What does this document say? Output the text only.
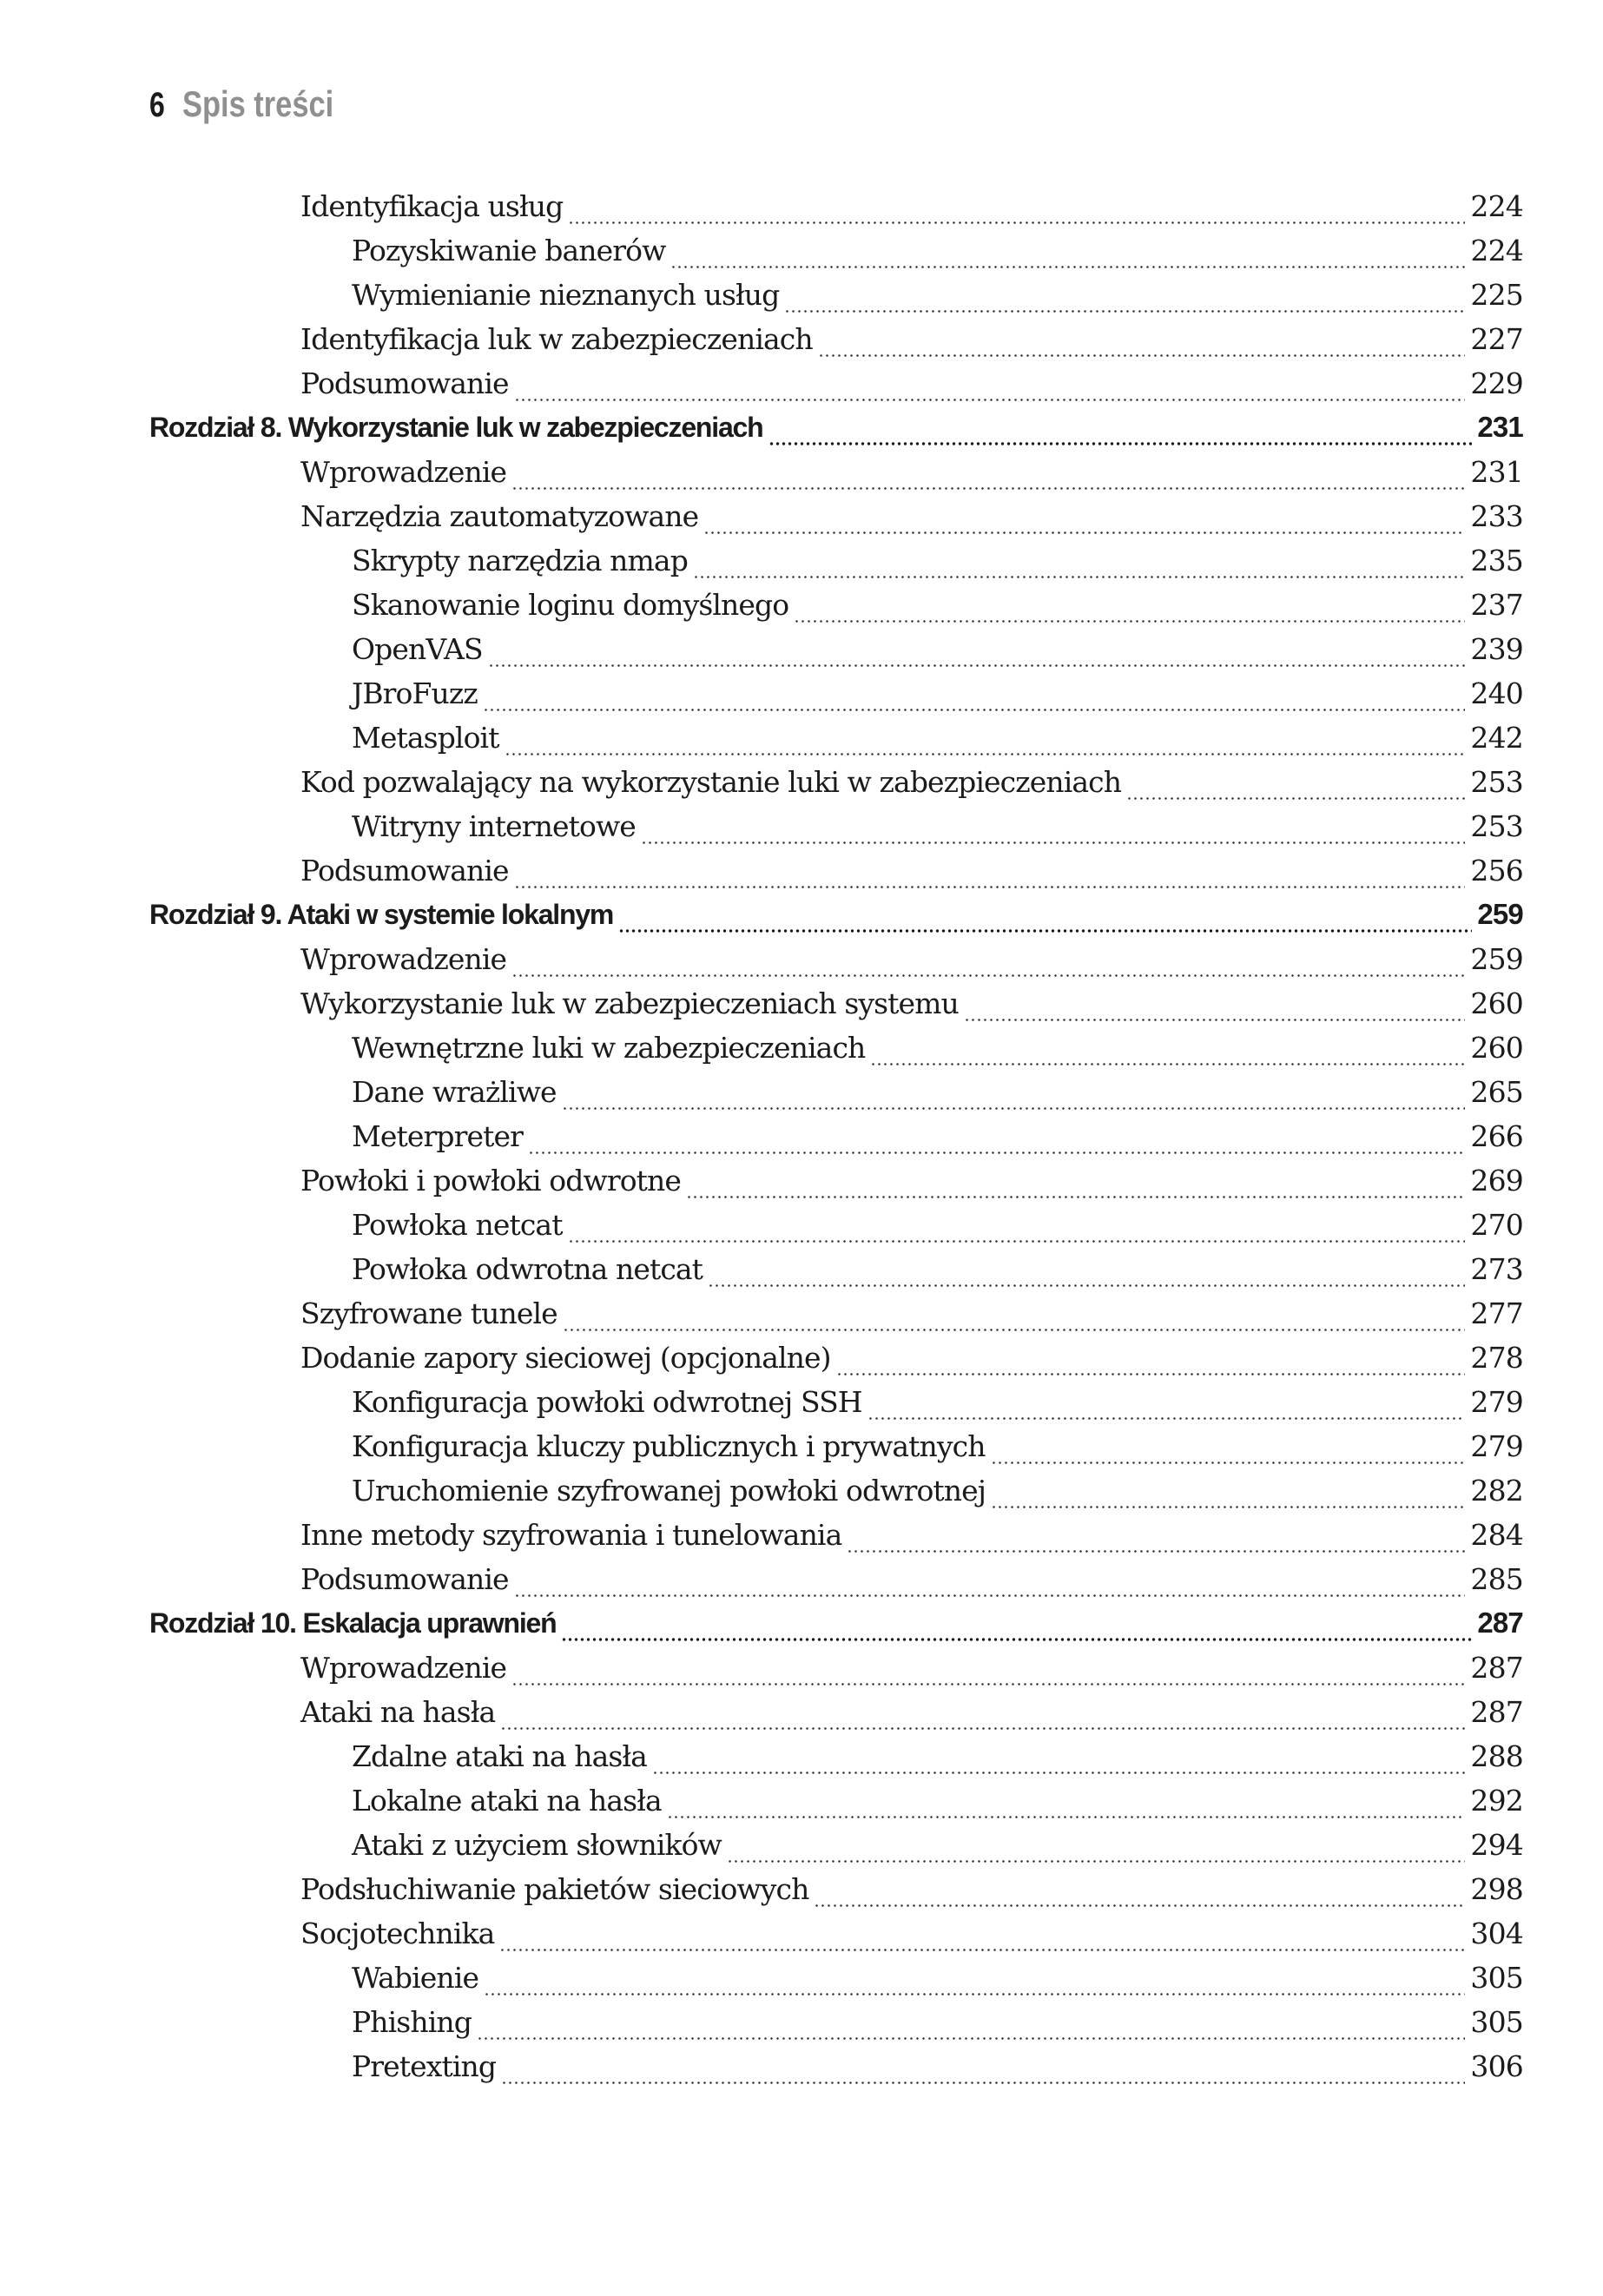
6 Spis treści
Identyfikacja usług	224
Pozyskiwanie banerów	224
Wymienianie nieznanych usług	225
Identyfikacja luk w zabezpieczeniach	227
Podsumowanie	229
Rozdział 8. Wykorzystanie luk w zabezpieczeniach	231
Wprowadzenie	231
Narzędzia zautomatyzowane	233
Skrypty narzędzia nmap	235
Skanowanie loginu domyślnego	237
OpenVAS	239
JBroFuzz	240
Metasploit	242
Kod pozwalający na wykorzystanie luki w zabezpieczeniach	253
Witryny internetowe	253
Podsumowanie	256
Rozdział 9. Ataki w systemie lokalnym	259
Wprowadzenie	259
Wykorzystanie luk w zabezpieczeniach systemu	260
Wewnętrzne luki w zabezpieczeniach	260
Dane wrażliwe	265
Meterpreter	266
Powłoki i powłoki odwrotne	269
Powłoka netcat	270
Powłoka odwrotna netcat	273
Szyfrowane tunele	277
Dodanie zapory sieciowej (opcjonalne)	278
Konfiguracja powłoki odwrotnej SSH	279
Konfiguracja kluczy publicznych i prywatnych	279
Uruchomienie szyfrowanej powłoki odwrotnej	282
Inne metody szyfrowania i tunelowania	284
Podsumowanie	285
Rozdział 10. Eskalacja uprawnień	287
Wprowadzenie	287
Ataki na hasła	287
Zdalne ataki na hasła	288
Lokalne ataki na hasła	292
Ataki z użyciem słowników	294
Podsłuchiwanie pakietów sieciowych	298
Socjotechnika	304
Wabienie	305
Phishing	305
Pretexting	306
